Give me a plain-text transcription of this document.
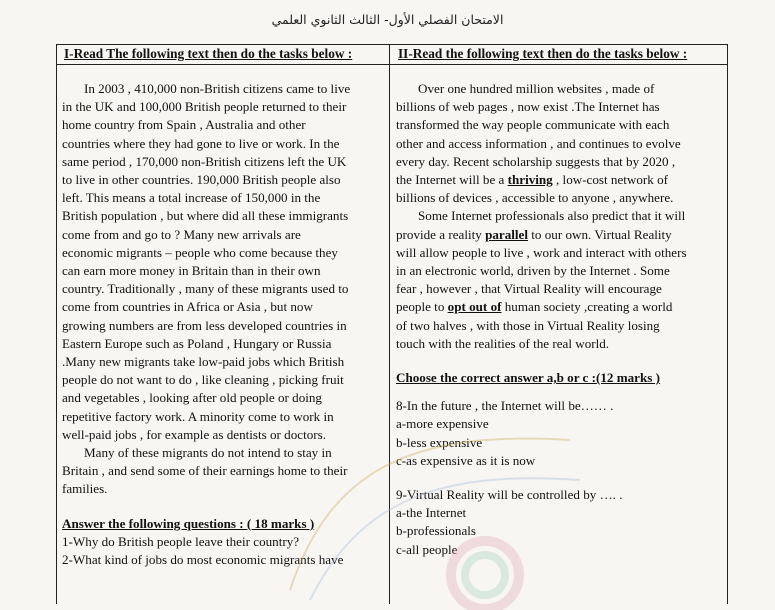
الامتحان الفصلي الأول- الثالث الثانوي العلمي
I-Read The following text then do the tasks below :
In 2003 , 410,000 non-British citizens came to live
in the UK and 100,000 British people returned to their
home country from Spain , Australia and other
countries where they had gone to live or work. In the
same period , 170,000 non-British citizens left the UK
to live in other countries. 190,000 British people also
left. This means a total increase of 150,000 in the
British population , but where did all these immigrants
come from and go to ? Many new arrivals are
economic migrants – people who come because they
can earn more money in Britain than in their own
country. Traditionally , many of these migrants used to
come from countries in Africa or Asia , but now
growing numbers are from less developed countries in
Eastern Europe such as Poland , Hungary or Russia
.Many new migrants take low-paid jobs which British
people do not want to do , like cleaning , picking fruit
and vegetables , looking after old people or doing
repetitive factory work. A minority come to work in
well-paid jobs , for example as dentists or doctors.
Many of these migrants do not intend to stay in
Britain , and send some of their earnings home to their
families.
Answer the following questions : ( 18 marks )
1-Why do British people leave their country?
2-What kind of jobs do most economic migrants have
II-Read the following text then do the tasks below :
Over one hundred million websites , made of
billions of web pages , now exist .The Internet has
transformed the way people communicate with each
other and access information , and continues to evolve
every day. Recent scholarship suggests that by 2020 ,
the Internet will be a thriving , low-cost network of
billions of devices , accessible to anyone , anywhere.
Some Internet professionals also predict that it will
provide a reality parallel to our own. Virtual Reality
will allow people to live , work and interact with others
in an electronic world, driven by the Internet . Some
fear , however , that Virtual Reality will encourage
people to opt out of human society ,creating a world
of two halves , with those in Virtual Reality losing
touch with the realities of the real world.
Choose the correct answer a,b or c :(12 marks )
8-In the future , the Internet will be…… .
a-more expensive
b-less expensive
c-as expensive as it is now
9-Virtual Reality will be controlled by …. .
a-the Internet
b-professionals
c-all people
